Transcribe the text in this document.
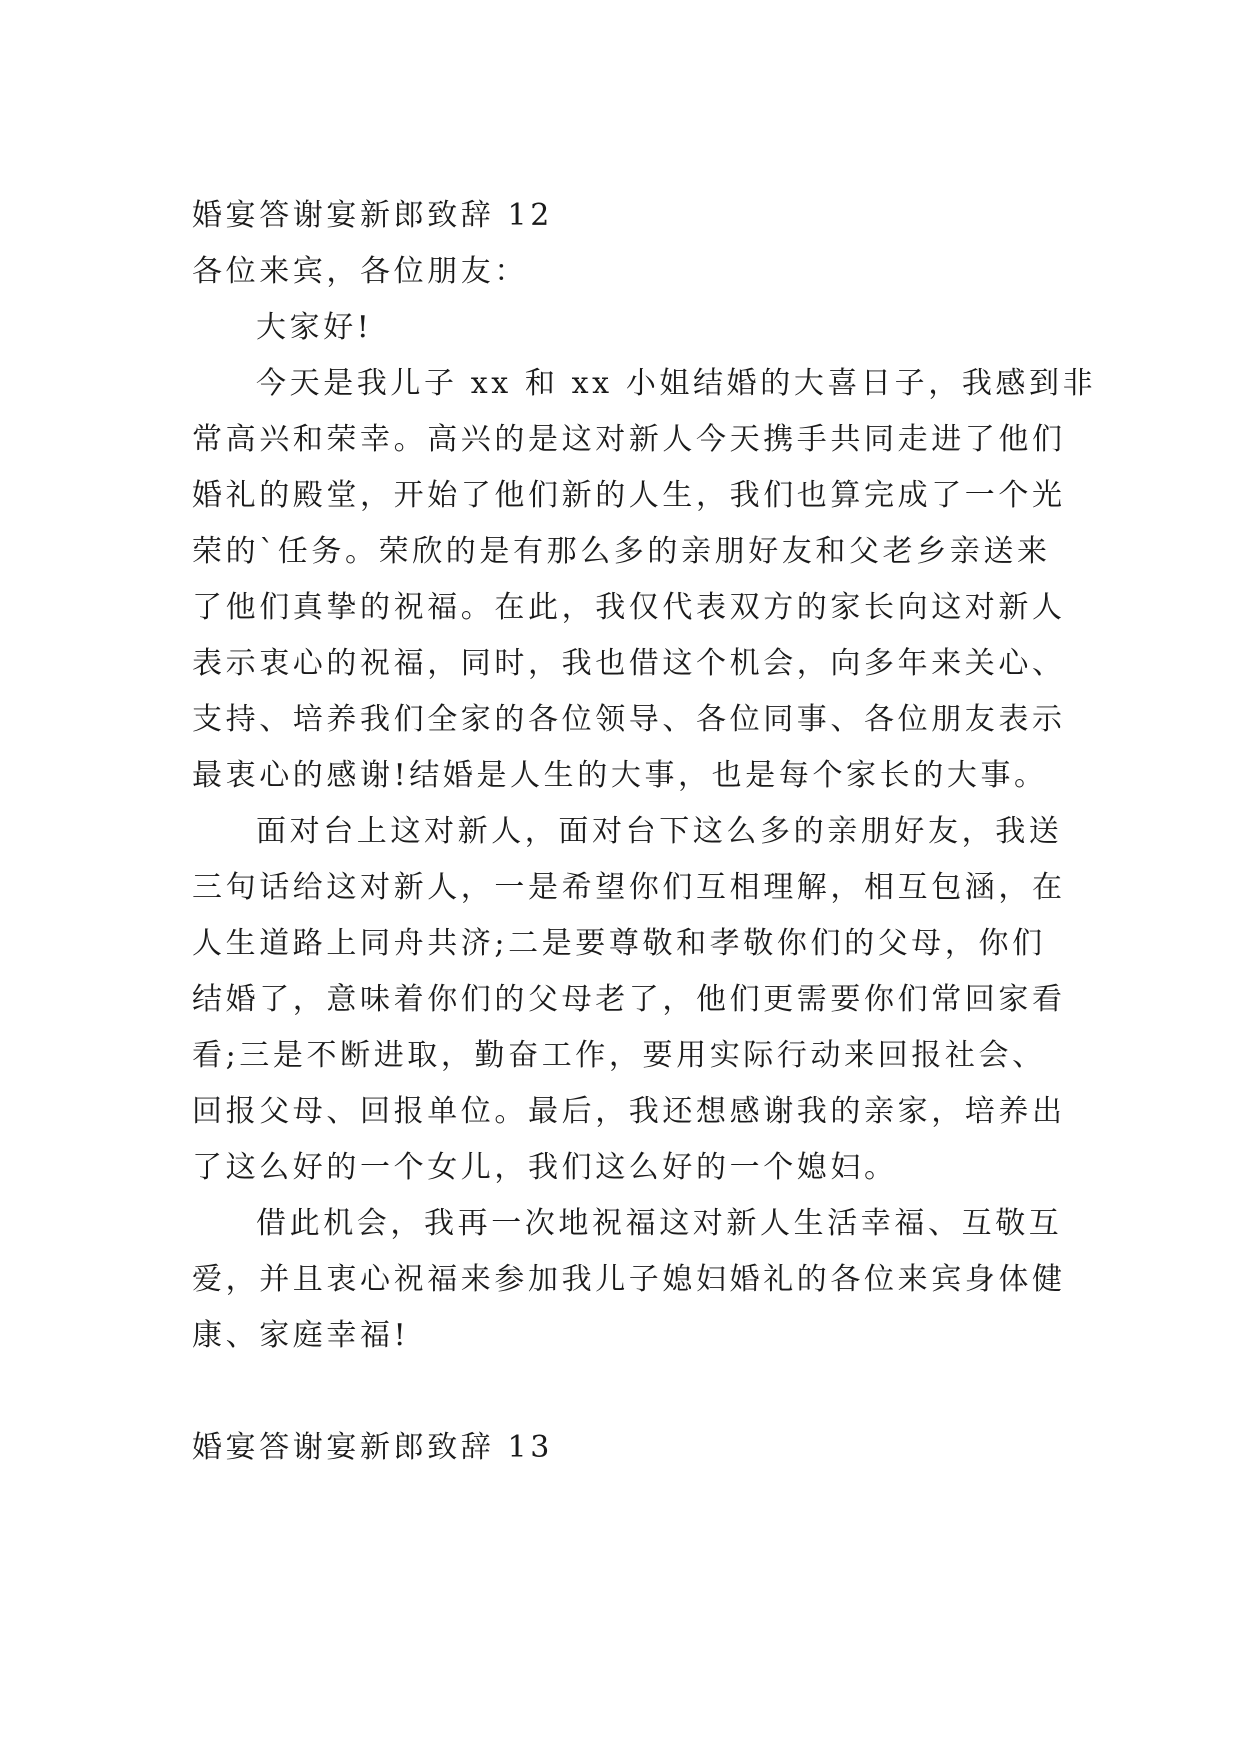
婚宴答谢宴新郎致辞 12
各位来宾，各位朋友：
大家好!
今天是我儿子 xx 和 xx 小姐结婚的大喜日子，我感到非
常高兴和荣幸。高兴的是这对新人今天携手共同走进了他们
婚礼的殿堂，开始了他们新的人生，我们也算完成了一个光
荣的`任务。荣欣的是有那么多的亲朋好友和父老乡亲送来
了他们真挚的祝福。在此，我仅代表双方的家长向这对新人
表示衷心的祝福，同时，我也借这个机会，向多年来关心、
支持、培养我们全家的各位领导、各位同事、各位朋友表示
最衷心的感谢!结婚是人生的大事，也是每个家长的大事。
面对台上这对新人，面对台下这么多的亲朋好友，我送
三句话给这对新人，一是希望你们互相理解，相互包涵，在
人生道路上同舟共济;二是要尊敬和孝敬你们的父母，你们
结婚了，意味着你们的父母老了，他们更需要你们常回家看
看;三是不断进取，勤奋工作，要用实际行动来回报社会、
回报父母、回报单位。最后，我还想感谢我的亲家，培养出
了这么好的一个女儿，我们这么好的一个媳妇。
借此机会，我再一次地祝福这对新人生活幸福、互敬互
爱，并且衷心祝福来参加我儿子媳妇婚礼的各位来宾身体健
康、家庭幸福!
婚宴答谢宴新郎致辞 13
